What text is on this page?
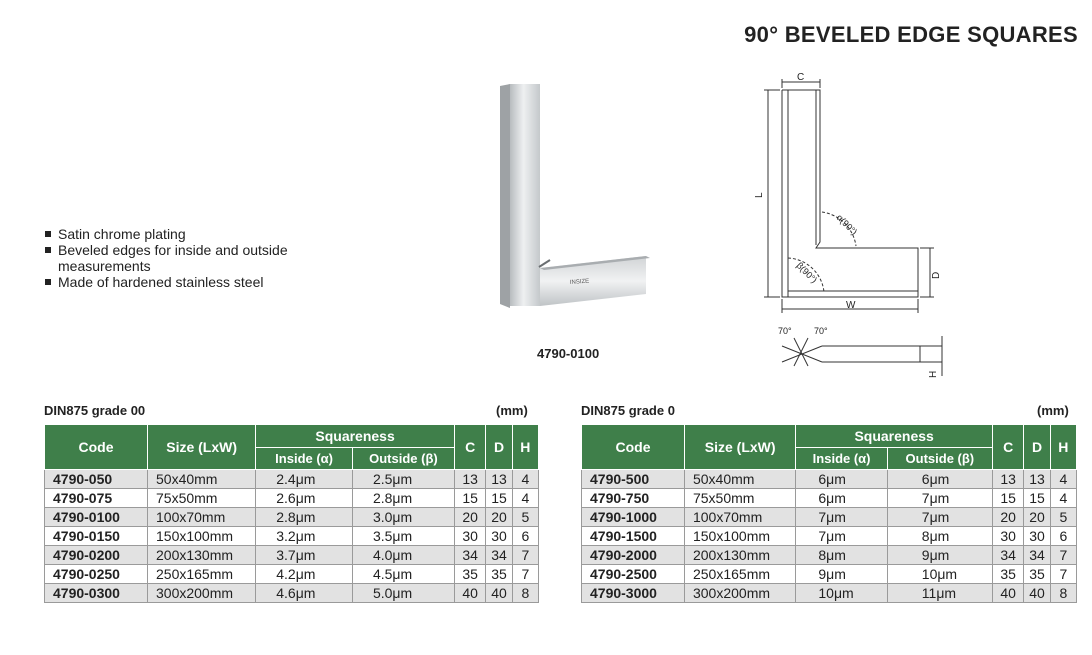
90° BEVELED EDGE SQUARES
Satin chrome plating
Beveled edges for inside and outside measurements
Made of hardened stainless steel	INSIZE
4790-0100
C
L
W
D
α(90°)
β(90°)
70° 70°
H
DIN875 grade 00	(mm)
Code	Size (LxW)	Squareness		C	D	H
		Inside (α)	Outside (β)			
4790-050	50x40mm	2.4μm	2.5μm	13	13	4
4790-075	75x50mm	2.6μm	2.8μm	15	15	4
4790-0100	100x70mm	2.8μm	3.0μm	20	20	5
4790-0150	150x100mm	3.2μm	3.5μm	30	30	6
4790-0200	200x130mm	3.7μm	4.0μm	34	34	7
4790-0250	250x165mm	4.2μm	4.5μm	35	35	7
4790-0300	300x200mm	4.6μm	5.0μm	40	40	8
DIN875 grade 0	(mm)
Code	Size (LxW)	Squareness		C	D	H
		Inside (α)	Outside (β)			
4790-500	50x40mm	6μm	6μm	13	13	4
4790-750	75x50mm	6μm	7μm	15	15	4
4790-1000	100x70mm	7μm	7μm	20	20	5
4790-1500	150x100mm	7μm	8μm	30	30	6
4790-2000	200x130mm	8μm	9μm	34	34	7
4790-2500	250x165mm	9μm	10μm	35	35	7
4790-3000	300x200mm	10μm	11μm	40	40	8
